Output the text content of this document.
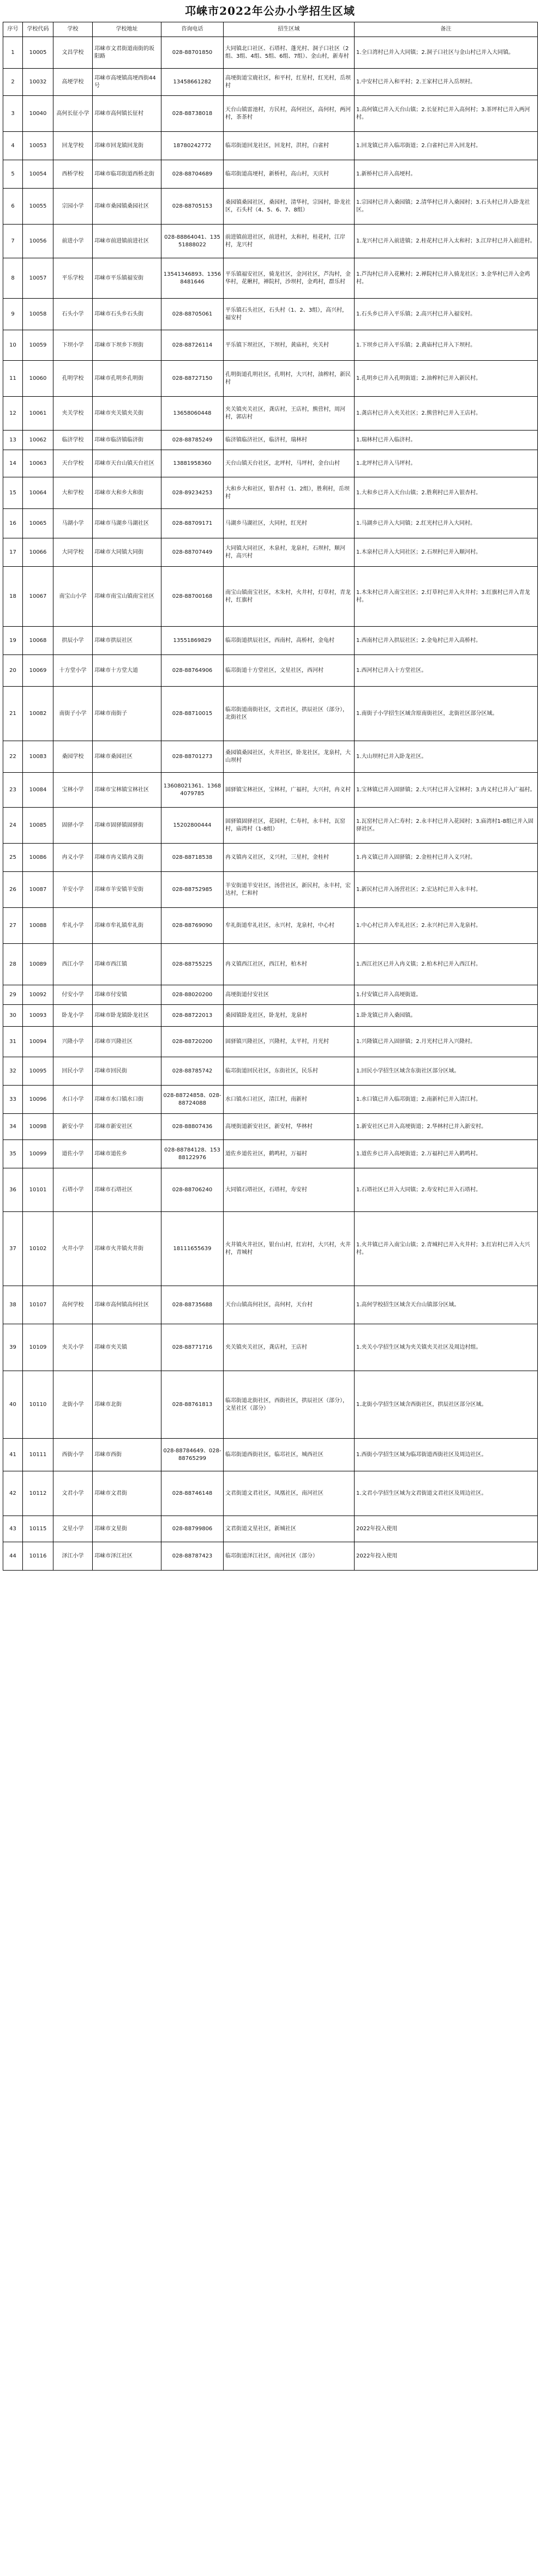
邛崃市2022年公办小学招生区域
序号	学校代码	学校	学校地址	咨询电话	招生区域	备注
1	10005	文昌学校	邛崃市文君街道南街的坂阳路	028-88701850	大同镇北口社区、石塔村、蓬光村、洞子口社区（2组、3组、4组、5组、6组、7组）、金山村，新寿村	1.全口湾村已并入大同镇；2.洞子口社区与金山村已并入大同镇。
2	10032	高埂学校	邛崃市高埂镇高埂西街44号	13458661282	高埂街道宝鹿社区，和平村，红星村，红光村，岳坝村	1.中安村已并入和平村；2.王家村已并入岳坝村。
3	10040	高何长征小学	邛崃市高何镇长征村	028-88738018	天台山镇雷池村，方民村，高何社区，高何村，两河村，茶茶村	1.高何镇已并入天台山镇；2.长征村已并入高何村；3.茶坪村已并入两河村。
4	10053	回龙学校	邛崃市回龙镇回龙街	18780242772	临邛街道回龙社区，回龙村，洪村，白雀村	1.回龙镇已并入临邛街道；2.白雀村已并入回龙村。
5	10054	西桥学校	邛崃市临邛街道西桥北街	028-88704689	临邛街道高埂村，新桥村，高山村，天庆村	1.新桥村已并入高埂村。
6	10055	宗园小学	邛崃市桑园镇桑园社区	028-88705153	桑园镇桑园社区，桑园村，清华村，宗园村，卧龙社区，石头村（4、5、6、7、8组）	1.宗园村已并入桑园镇；2.清华村已并入桑园村；3.石头村已并入卧龙社区。
7	10056	前进小学	邛崃市前进镇前进社区	028-88864041、13551888022	前进镇前进社区，前进村，太和村，桂花村，江岸村，龙兴村	1.龙兴村已并入前进镇；2.桂花村已并入太和村；3.江岸村已并入前进村。
8	10057	平乐学校	邛崃市平乐镇福安街	13541346893、13568481646	平乐镇福安社区，骑龙社区，金河社区，芦沟村，金华村，花楸村，禅院村，沙坝村，金鸡村，群乐村	1.芦沟村已并入花楸村；2.禅院村已并入骑龙社区；3.金华村已并入金鸡村。
9	10058	石头小学	邛崃市石头乡石头街	028-88705061	平乐镇石头社区，石头村（1、2、3组），高兴村，福安村	1.石头乡已并入平乐镇；2.高兴村已并入福安村。
10	10059	下坝小学	邛崃市下坝乡下坝街	028-88726114	平乐镇下坝社区，下坝村，黄庙村，夹关村	1.下坝乡已并入平乐镇；2.黄庙村已并入下坝村。
11	10060	孔明学校	邛崃市孔明乡孔明街	028-88727150	孔明街道孔明社区，孔明村，大兴村，油榨村，新民村	1.孔明乡已并入孔明街道；2.油榨村已并入新民村。
12	10061	夹关学校	邛崃市夹关镇夹关街	13658060448	夹关镇夹关社区，龚店村，王店村，熊营村，周河村，郭店村	1.龚店村已并入夹关社区；2.熊营村已并入王店村。
13	10062	临济学校	邛崃市临济镇临济街	028-88785249	临济镇临济社区，临济村，瑞林村	1.瑞林村已并入临济村。
14	10063	天台学校	邛崃市天台山镇天台社区	13881958360	天台山镇天台社区，北坪村，马坪村，金台山村	1.北坪村已并入马坪村。
15	10064	大和学校	邛崃市大和乡大和街	028-89234253	大和乡大和社区，银杏村（1、2组），胜利村，岳坝村	1.大和乡已并入天台山镇；2.胜利村已并入银杏村。
16	10065	马湖小学	邛崃市马湖乡马湖社区	028-88709171	马湖乡马湖社区，大同村，红光村	1.马湖乡已并入大同镇；2.红光村已并入大同村。
17	10066	大同学校	邛崃市大同镇大同街	028-88707449	大同镇大同社区，木泉村，龙泉村，石坝村，顺河村，高兴村	1.木泉村已并入大同社区；2.石坝村已并入顺河村。
18	10067	南宝山小学	邛崃市南宝山镇南宝社区	028-88700168	南宝山镇南宝社区，木朱村，火井村，灯草村，青龙村，红旗村	1.木朱村已并入南宝社区；2.灯草村已并入火井村；3.红旗村已并入青龙村。
19	10068	拱辰小学	邛崃市拱辰社区	13551869829	临邛街道拱辰社区，西南村，高桥村，金龟村	1.西南村已并入拱辰社区；2.金龟村已并入高桥村。
20	10069	十方堂小学	邛崃市十方堂大道	028-88764906	临邛街道十方堂社区，文星社区，西河村	1.西河村已并入十方堂社区。
21	10082	南街子小学	邛崃市南街子	028-88710015	临邛街道南街社区，文君社区，拱辰社区（部分），北街社区	1.南街子小学招生区域含原南街社区，北街社区部分区域。
22	10083	桑园学校	邛崃市桑园社区	028-88701273	桑园镇桑园社区，火井社区，卧龙社区，龙泉村，大山坝村	1.大山坝村已并入卧龙社区。
23	10084	宝林小学	邛崃市宝林镇宝林社区	13608021361、13684079785	固驿镇宝林社区，宝林村，广福村，大兴村，冉义村	1.宝林镇已并入固驿镇；2.大兴村已并入宝林村；3.冉义村已并入广福村。
24	10085	固驿小学	邛崃市固驿镇固驿街	15202800444	固驿镇固驿社区，花园村，仁寿村，永丰村，瓦窑村，庙湾村（1-8组）	1.瓦窑村已并入仁寿村；2.永丰村已并入花园村；3.庙湾村1-8组已并入固驿社区。
25	10086	冉义小学	邛崃市冉义镇冉义街	028-88718538	冉义镇冉义社区，义兴村，三星村，金桂村	1.冉义镇已并入固驿镇；2.金桂村已并入义兴村。
26	10087	羊安小学	邛崃市羊安镇羊安街	028-88752985	羊安街道羊安社区，汤营社区，新民村，永丰村，宏达村，仁和村	1.新民村已并入汤营社区；2.宏达村已并入永丰村。
27	10088	牟礼小学	邛崃市牟礼镇牟礼街	028-88769090	牟礼街道牟礼社区，永兴村，龙泉村，中心村	1.中心村已并入牟礼社区；2.永兴村已并入龙泉村。
28	10089	西江小学	邛崃市西江镇	028-88755225	冉义镇西江社区，西江村，柏木村	1.西江社区已并入冉义镇；2.柏木村已并入西江村。
29	10092	付安小学	邛崃市付安镇	028-88020200	高埂街道付安社区	1.付安镇已并入高埂街道。
30	10093	卧龙小学	邛崃市卧龙镇卧龙社区	028-88722013	桑园镇卧龙社区，卧龙村，龙泉村	1.卧龙镇已并入桑园镇。
31	10094	兴隆小学	邛崃市兴隆社区	028-88720200	固驿镇兴隆社区，兴隆村，太平村，月光村	1.兴隆镇已并入固驿镇；2.月光村已并入兴隆村。
32	10095	回民小学	邛崃市回民街	028-88785742	临邛街道回民社区，东街社区，民乐村	1.回民小学招生区域含东街社区部分区域。
33	10096	水口小学	邛崃市水口镇水口街	028-88724858、028-88724088	水口镇水口社区，清江村，南新村	1.水口镇已并入临邛街道；2.南新村已并入清江村。
34	10098	新安小学	邛崃市新安社区	028-88807436	高埂街道新安社区，新安村，华林村	1.新安社区已并入高埂街道；2.华林村已并入新安村。
35	10099	道佐小学	邛崃市道佐乡	028-88784128、15388122976	道佐乡道佐社区，鹤鸣村，万福村	1.道佐乡已并入高埂街道；2.万福村已并入鹤鸣村。
36	10101	石塔小学	邛崃市石塔社区	028-88706240	大同镇石塔社区，石塔村，寿安村	1.石塔社区已并入大同镇；2.寿安村已并入石塔村。
37	10102	火井小学	邛崃市火井镇火井街	18111655639	火井镇火井社区，银台山村，红岩村，大兴村，火井村，青城村	1.火井镇已并入南宝山镇；2.青城村已并入火井村；3.红岩村已并入大兴村。
38	10107	高何学校	邛崃市高何镇高何社区	028-88735688	天台山镇高何社区，高何村，天台村	1.高何学校招生区域含天台山镇部分区域。
39	10109	夹关小学	邛崃市夹关镇	028-88771716	夹关镇夹关社区，龚店村，王店村	1.夹关小学招生区域为夹关镇夹关社区及周边村组。
40	10110	北街小学	邛崃市北街	028-88761813	临邛街道北街社区，西街社区，拱辰社区（部分），文星社区（部分）	1.北街小学招生区域含西街社区，拱辰社区部分区域。
41	10111	西街小学	邛崃市西街	028-88784649、028-88765299	临邛街道西街社区，临邛社区，城西社区	1.西街小学招生区域为临邛街道西街社区及周边社区。
42	10112	文君小学	邛崃市文君街	028-88746148	文君街道文君社区，凤凰社区，南河社区	1.文君小学招生区域为文君街道文君社区及周边社区。
43	10115	文星小学	邛崃市文星街	028-88799806	文君街道文星社区，新城社区	2022年投入使用
44	10116	泽江小学	邛崃市泽江社区	028-88787423	临邛街道泽江社区，南河社区（部分）	2022年投入使用
